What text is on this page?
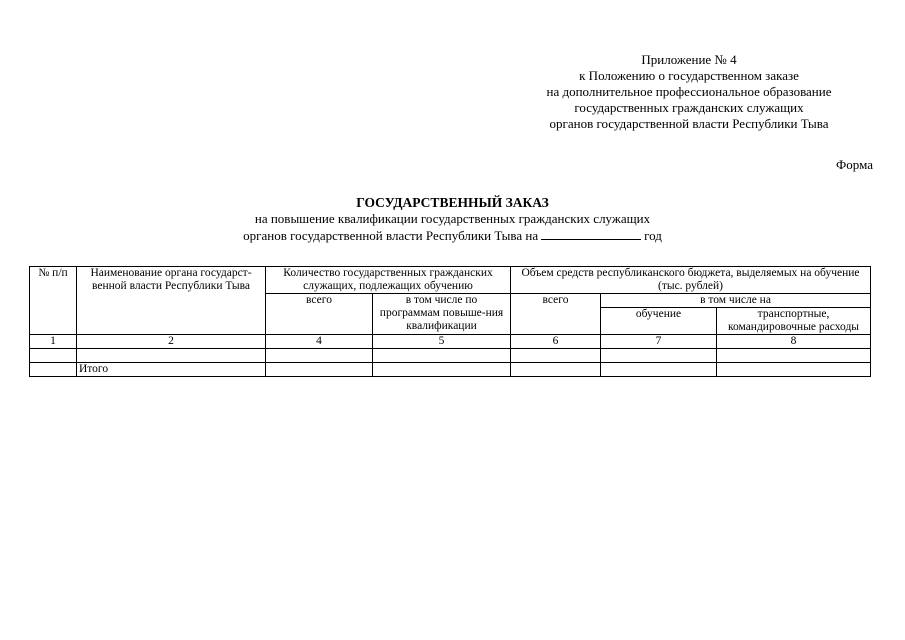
Приложение № 4
к Положению о государственном заказе
на дополнительное профессиональное образование
государственных гражданских служащих
органов государственной власти Республики Тыва
Форма
ГОСУДАРСТВЕННЫЙ ЗАКАЗ
на повышение квалификации государственных гражданских служащих
органов государственной власти Республики Тыва на	год
№ п/п	Наименование органа государст-венной власти Республики Тыва	Количество государственных гражданских служащих, подлежащих обучению		Объем средств республиканского бюджета, выделяемых на обучение (тыс. рублей)		
		всего	в том числе по программам повыше-ния квалификации	всего	в том числе на	
					обучение	транспортные, командировочные расходы
1	2	4	5	6	7	8

	Итого					
